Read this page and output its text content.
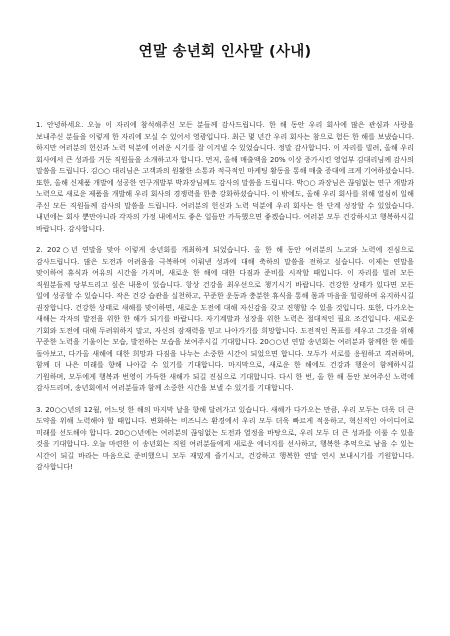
연말 송년회 인사말 (사내)

1. 안녕하세요. 오늘 이 자리에 참석해주신 모든 분들께 감사드립니다. 한 해 동안 우리 회사에 많은 관심과 사랑을 보내주신 분들을 이렇게 한 자리에 모실 수 있어서 영광입니다. 최근 몇 년간 우리 회사는 참으로 험든 한 해를 보냈습니다. 하지만 여러분의 헌신과 노력 덕분에 어려운 시기를 잘 이겨낼 수 있었습니다. 정말 감사합니다. 이 자리를 빌려, 올해 우리 회사에서 큰 성과를 거둔 직원들을 소개하고자 합니다. 먼저, 올해 매출액을 20% 이상 증가시킨 영업부 김대리님께 감사의 말씀을 드립니다. 김○○ 대리님은 고객과의 원활한 소통과 적극적인 마케팅 활동을 통해 매출 증대에 크게 기여하셨습니다. 또한, 올해 신제품 개발에 성공한 연구개발부 박과장님께도 감사의 말씀을 드립니다. 박○○ 과장님은 끊임없는 연구 개발과 노력으로 새로운 제품을 개발해 우리 회사의 경쟁력을 한층 강화하셨습니다. 이 밖에도, 올해 우리 회사를 위해 열심히 일해 주신 모든 직원들께 감사의 말씀을 드립니다. 여러분의 헌신과 노력 덕분에 우리 회사는 한 단계 성장할 수 있었습니다. 내년에는 회사 뿐만아니라 각자의 가정 내에서도 좋은 일들만 가득했으면 좋겠습니다. 여러분 모두 건강하시고 행복하시길 바랍니다. 감사합니다.

2. 202○년 연말을 맞아 이렇게 송년회를 개최하게 되었습니다. 올 한 해 동안 여러분의 노고와 노력에 진심으로 감사드립니다. 많은 도전과 어려움을 극복하며 이뤄낸 성과에 대해 축하의 말씀을 전하고 싶습니다. 이제는 연말을 맞이하여 휴식과 여유의 시간을 가지며, 새로운 한 해에 대한 다짐과 준비를 시작할 때입니다. 이 자리를 빌려 모든 직원분들께 당부드리고 싶은 내용이 있습니다. 항상 건강을 최우선으로 챙기시기 바랍니다. 건강한 상태가 있다면 모든 일에 성공할 수 있습니다. 작은 건강 습관을 실천하고, 꾸준한 운동과 충분한 휴식을 통해 몸과 마음을 힐링하며 유지하시길 권장합니다. 건강한 상태로 새해를 맞이하면, 새로운 도전에 대해 자신감을 갖고 진행할 수 있을 것입니다. 또한, 다가오는 새해는 각자의 발전을 위한 한 해가 되기를 바랍니다. 자기계발과 성장을 위한 노력은 절대적인 필요 조건입니다. 새로운 기회와 도전에 대해 두려워하지 말고, 자신의 잠재력을 믿고 나아가기를 희망합니다. 도전적인 목표를 세우고 그것을 위해 꾸준한 노력을 기울이는 모습, 발전하는 모습을 보여주시길 기대합니다. 20○○년 연말 송년회는 여러분과 함께한 한 해를 돌아보고, 다가올 새해에 대한 희망과 다짐을 나누는 소중한 시간이 되었으면 합니다. 모두가 서로를 응원하고 격려하며, 함께 더 나은 미래를 향해 나아갈 수 있기를 기대합니다. 마지막으로, 새로운 한 해에도 건강과 행운이 함께하시길 기원하며, 모두에게 행복과 번영이 가득한 새해가 되길 진심으로 기대합니다. 다시 한 번, 올 한 해 동안 보여주신 노력에 감사드리며, 송년회에서 여러분들과 함께 소중한 시간을 보낼 수 있기를 기대합니다.

3. 20○○년의 12월, 어느덧 한 해의 마지막 날을 향해 달려가고 있습니다. 새해가 다가오는 만큼, 우리 모두는 더욱 더 큰 도약을 위해 노력해야 할 때입니다. 변화하는 비즈니스 환경에서 우리 모두 더욱 빠르게 적응하고, 혁신적인 아이디어로 미래를 선도해야 합니다. 20○○년에는 여러분의 끊임없는 도전과 열정을 바탕으로, 우리 모두 더 큰 성과를 이룰 수 있을 것을 기대합니다. 오늘 마련한 이 송년회는 직원 여러분들에게 새로운 에너지를 선사하고, 행복한 추억으로 남을 수 있는 시간이 되길 바라는 마음으로 준비했으니 모두 재밌게 즐기시고, 건강하고 행복한 연말 연시 보내시기를 기원합니다. 감사합니다!
